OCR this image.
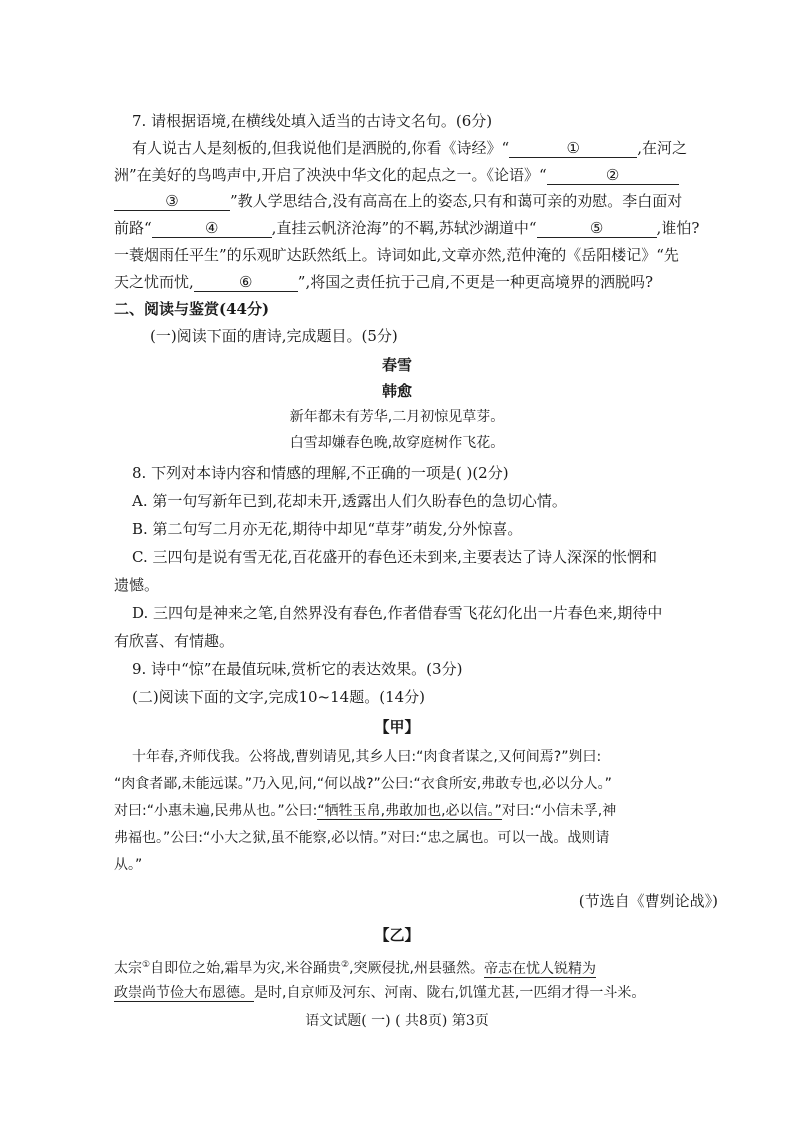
7. 请根据语境,在横线处填入适当的古诗文名句。(6分)
有人说古人是刻板的,但我说他们是洒脱的,你看《诗经》“	①	,在河之
洲”在美好的鸟鸣声中,开启了泱泱中华文化的起点之一。《论语》“	②
③	”教人学思结合,没有高高在上的姿态,只有和蔼可亲的劝慰。李白面对
前路“	④	,直挂云帆济沧海”的不羁,苏轼沙湖道中“	⑤	,谁怕?
一蓑烟雨任平生”的乐观旷达跃然纸上。诗词如此,文章亦然,范仲淹的《岳阳楼记》“先
天之忧而忧,	⑥	”,将国之责任抗于己肩,不更是一种更高境界的洒脱吗?
二、阅读与鉴赏(44分)
(一)阅读下面的唐诗,完成题目。(5分)
春雪
韩愈
新年都未有芳华,二月初惊见草芽。
白雪却嫌春色晚,故穿庭树作飞花。
8. 下列对本诗内容和情感的理解,不正确的一项是( )(2分)
A. 第一句写新年已到,花却未开,透露出人们久盼春色的急切心情。
B. 第二句写二月亦无花,期待中却见“草芽”萌发,分外惊喜。
C. 三四句是说有雪无花,百花盛开的春色还未到来,主要表达了诗人深深的怅惘和
遗憾。
D. 三四句是神来之笔,自然界没有春色,作者借春雪飞花幻化出一片春色来,期待中
有欣喜、有情趣。
9. 诗中“惊”在最值玩味,赏析它的表达效果。(3分)
(二)阅读下面的文字,完成10~14题。(14分)
【甲】
十年春,齐师伐我。公将战,曹刿请见,其乡人曰:“肉食者谋之,又何间焉?”刿曰:
“肉食者鄙,未能远谋。”乃入见,问,“何以战?”公曰:“衣食所安,弗敢专也,必以分人。”
对曰:“小惠未遍,民弗从也。”公曰:“牺牲玉帛,弗敢加也,必以信。”对曰:“小信未孚,神
弗福也。”公曰:“小大之狱,虽不能察,必以情。”对曰:“忠之属也。可以一战。战则请
从。”
(节选自《曹刿论战》)
【乙】
太宗①自即位之始,霜旱为灾,米谷踊贵②,突厥侵扰,州县骚然。帝志在忧人锐精为
政崇尚节俭大布恩德。是时,自京师及河东、河南、陇右,饥馑尤甚,一匹绢才得一斗米。
语文试题( 一) ( 共8页) 第3页
